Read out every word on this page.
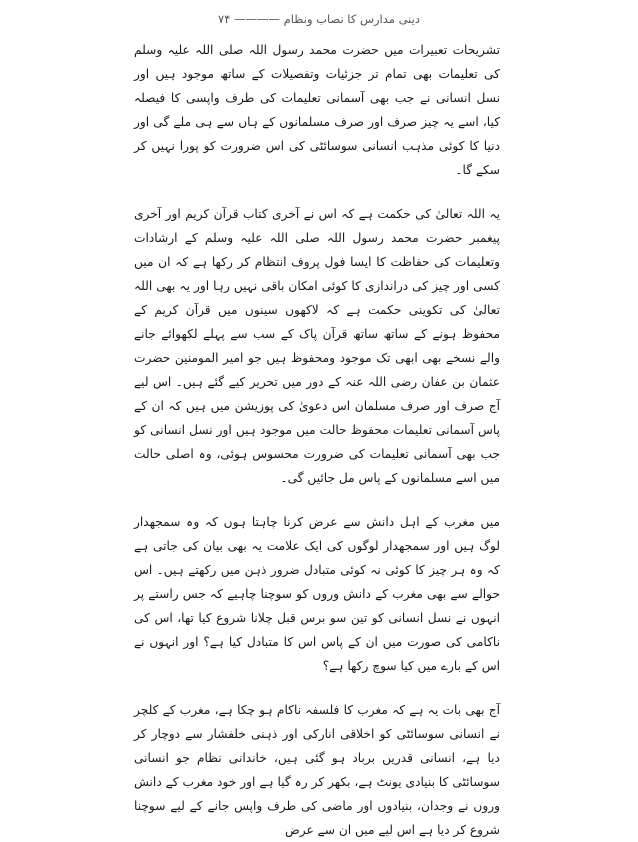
دینی مدارس کا نصاب ونظام ———— ۷۴

تشریحات تعبیرات میں حضرت محمد رسول اللہ صلی اللہ علیہ وسلم کی تعلیمات بھی تمام تر جزئیات وتفصیلات کے ساتھ موجود ہیں اور نسل انسانی نے جب بھی آسمانی تعلیمات کی طرف واپسی کا فیصلہ کیا، اسے یہ چیز صرف اور صرف مسلمانوں کے ہاں سے ہی ملے گی اور دنیا کا کوئی مذہب انسانی سوسائٹی کی اس ضرورت کو پورا نہیں کر سکے گا۔

یہ اللہ تعالیٰ کی حکمت ہے کہ اس نے آخری کتاب قرآن کریم اور آخری پیغمبر حضرت محمد رسول اللہ صلی اللہ علیہ وسلم کے ارشادات وتعلیمات کی حفاظت کا ایسا فول پروف انتظام کر رکھا ہے کہ ان میں کسی اور چیز کی دراندازی کا کوئی امکان باقی نہیں رہا اور یہ بھی اللہ تعالیٰ کی تکوینی حکمت ہے کہ لاکھوں سینوں میں قرآن کریم کے محفوظ ہونے کے ساتھ ساتھ قرآن پاک کے سب سے پہلے لکھوائے جانے والے نسخے بھی ابھی تک موجود ومحفوظ ہیں جو امیر المومنین حضرت عثمان بن عفان رضی اللہ عنہ کے دور میں تحریر کیے گئے ہیں۔ اس لیے آج صرف اور صرف مسلمان اس دعویٰ کی پوزیشن میں ہیں کہ ان کے پاس آسمانی تعلیمات محفوظ حالت میں موجود ہیں اور نسل انسانی کو جب بھی آسمانی تعلیمات کی ضرورت محسوس ہوئی، وہ اصلی حالت میں اسے مسلمانوں کے پاس مل جائیں گی۔

میں مغرب کے اہل دانش سے عرض کرنا چاہتا ہوں کہ وہ سمجھدار لوگ ہیں اور سمجھدار لوگوں کی ایک علامت یہ بھی بیان کی جاتی ہے کہ وہ ہر چیز کا کوئی نہ کوئی متبادل ضرور ذہن میں رکھتے ہیں۔ اس حوالے سے بھی مغرب کے دانش وروں کو سوچنا چاہیے کہ جس راستے پر انہوں نے نسل انسانی کو تین سو برس قبل چلانا شروع کیا تھا، اس کی ناکامی کی صورت میں ان کے پاس اس کا متبادل کیا ہے؟ اور انہوں نے اس کے بارے میں کیا سوچ رکھا ہے؟

آج بھی بات یہ ہے کہ مغرب کا فلسفہ ناکام ہو چکا ہے، مغرب کے کلچر نے انسانی سوسائٹی کو اخلاقی انارکی اور ذہنی خلفشار سے دوچار کر دیا ہے، انسانی قدریں برباد ہو گئی ہیں، خاندانی نظام جو انسانی سوسائٹی کا بنیادی یونٹ ہے، بکھر کر رہ گیا ہے اور خود مغرب کے دانش وروں نے وجدان، بنیادوں اور ماضی کی طرف واپس جانے کے لیے سوچنا شروع کر دیا ہے اس لیے میں ان سے عرض
